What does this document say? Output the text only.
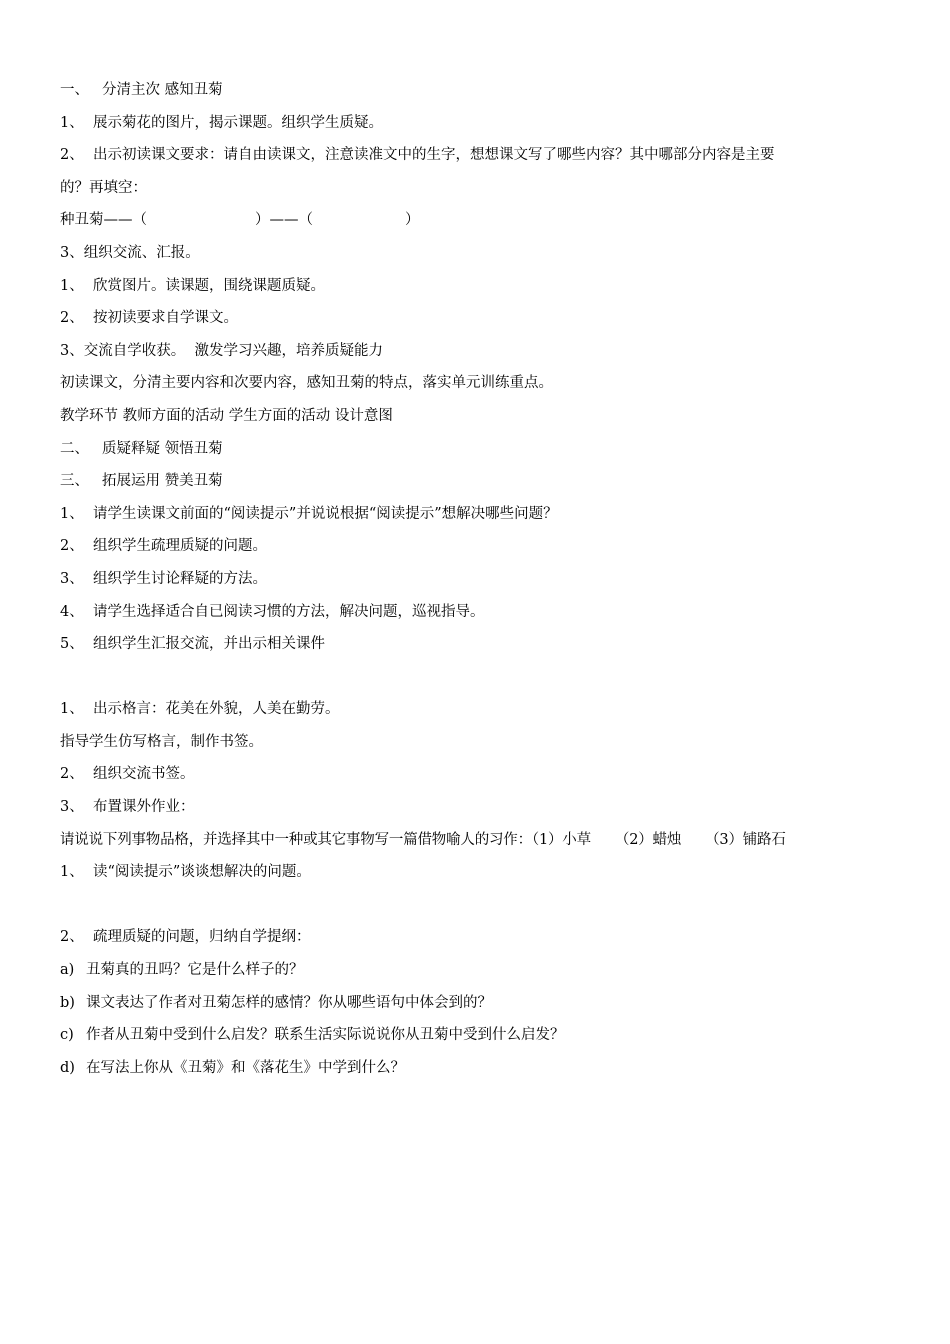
一、 分清主次 感知丑菊
1、 展示菊花的图片，揭示课题。组织学生质疑。
2、 出示初读课文要求：请自由读课文，注意读准文中的生字，想想课文写了哪些内容？其中哪部分内容是主要
的？再填空：
种丑菊——（	）——（	）
3、组织交流、汇报。
1、 欣赏图片。读课题，围绕课题质疑。
2、 按初读要求自学课文。
3、交流自学收获。  激发学习兴趣，培养质疑能力
初读课文，分清主要内容和次要内容，感知丑菊的特点，落实单元训练重点。
教学环节 教师方面的活动 学生方面的活动 设计意图
二、 质疑释疑 领悟丑菊
三、 拓展运用 赞美丑菊
1、 请学生读课文前面的“阅读提示”并说说根据“阅读提示”想解决哪些问题？
2、 组织学生疏理质疑的问题。
3、 组织学生讨论释疑的方法。
4、 请学生选择适合自已阅读习惯的方法，解决问题，巡视指导。
5、 组织学生汇报交流，并出示相关课件
1、 出示格言：花美在外貌，人美在勤劳。
指导学生仿写格言，制作书签。
2、 组织交流书签。
3、 布置课外作业：
请说说下列事物品格，并选择其中一种或其它事物写一篇借物喻人的习作：（1）小草 （2）蜡烛 （3）铺路石
1、 读“阅读提示”谈谈想解决的问题。
2、 疏理质疑的问题，归纳自学提纲：
a) 丑菊真的丑吗？它是什么样子的？
b) 课文表达了作者对丑菊怎样的感情？你从哪些语句中体会到的？
c) 作者从丑菊中受到什么启发？联系生活实际说说你从丑菊中受到什么启发？
d) 在写法上你从《丑菊》和《落花生》中学到什么？
